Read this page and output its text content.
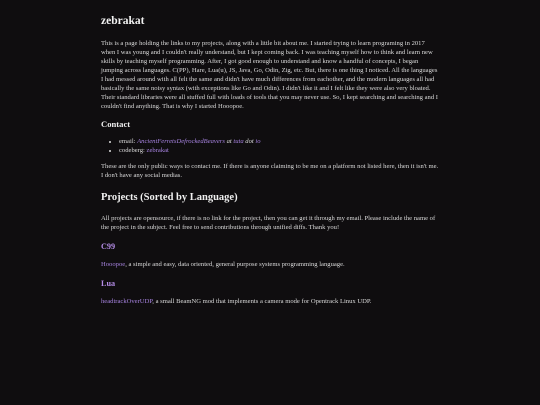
zebrakat

This is a page holding the links to my projects, along with a little bit about me. I started trying to learn programing in 2017 when I was young and I couldn't really understand, but I kept coming back. I was teaching myself how to think and learn new skills by teaching myself programming. After, I got good enough to understand and know a handful of concepts, I began jumping across languages. C(PP), Hare, Lua(u), JS, Java, Go, Odin, Zig, etc. But, there is one thing I noticed. All the languages I had messed around with all felt the same and didn't have much differences from eachother, and the modern languages all had basically the same noisy syntax (with exceptions like Go and Odin). I didn't like it and I felt like they were also very bloated. Their standard libraries were all stuffed full with loads of tools that you may never use. So, I kept searching and searching and I couldn't find anything. That is why I started Hooopoe.

Contact
• email: AncientFerretsDefrockedBeavers at tuta dot io
• codeberg: zebrakat

These are the only public ways to contact me. If there is anyone claiming to be me on a platform not listed here, then it isn't me. I don't have any social medias.

Projects (Sorted by Language)

All projects are opensource, if there is no link for the project, then you can get it through my email. Please include the name of the project in the subject. Feel free to send contributions through unified diffs. Thank you!

C99

Hooopoe, a simple and easy, data oriented, general purpose systems programming language.

Lua

headtrackOverUDP, a small BeamNG mod that implements a camera mode for Opentrack Linux UDP.
